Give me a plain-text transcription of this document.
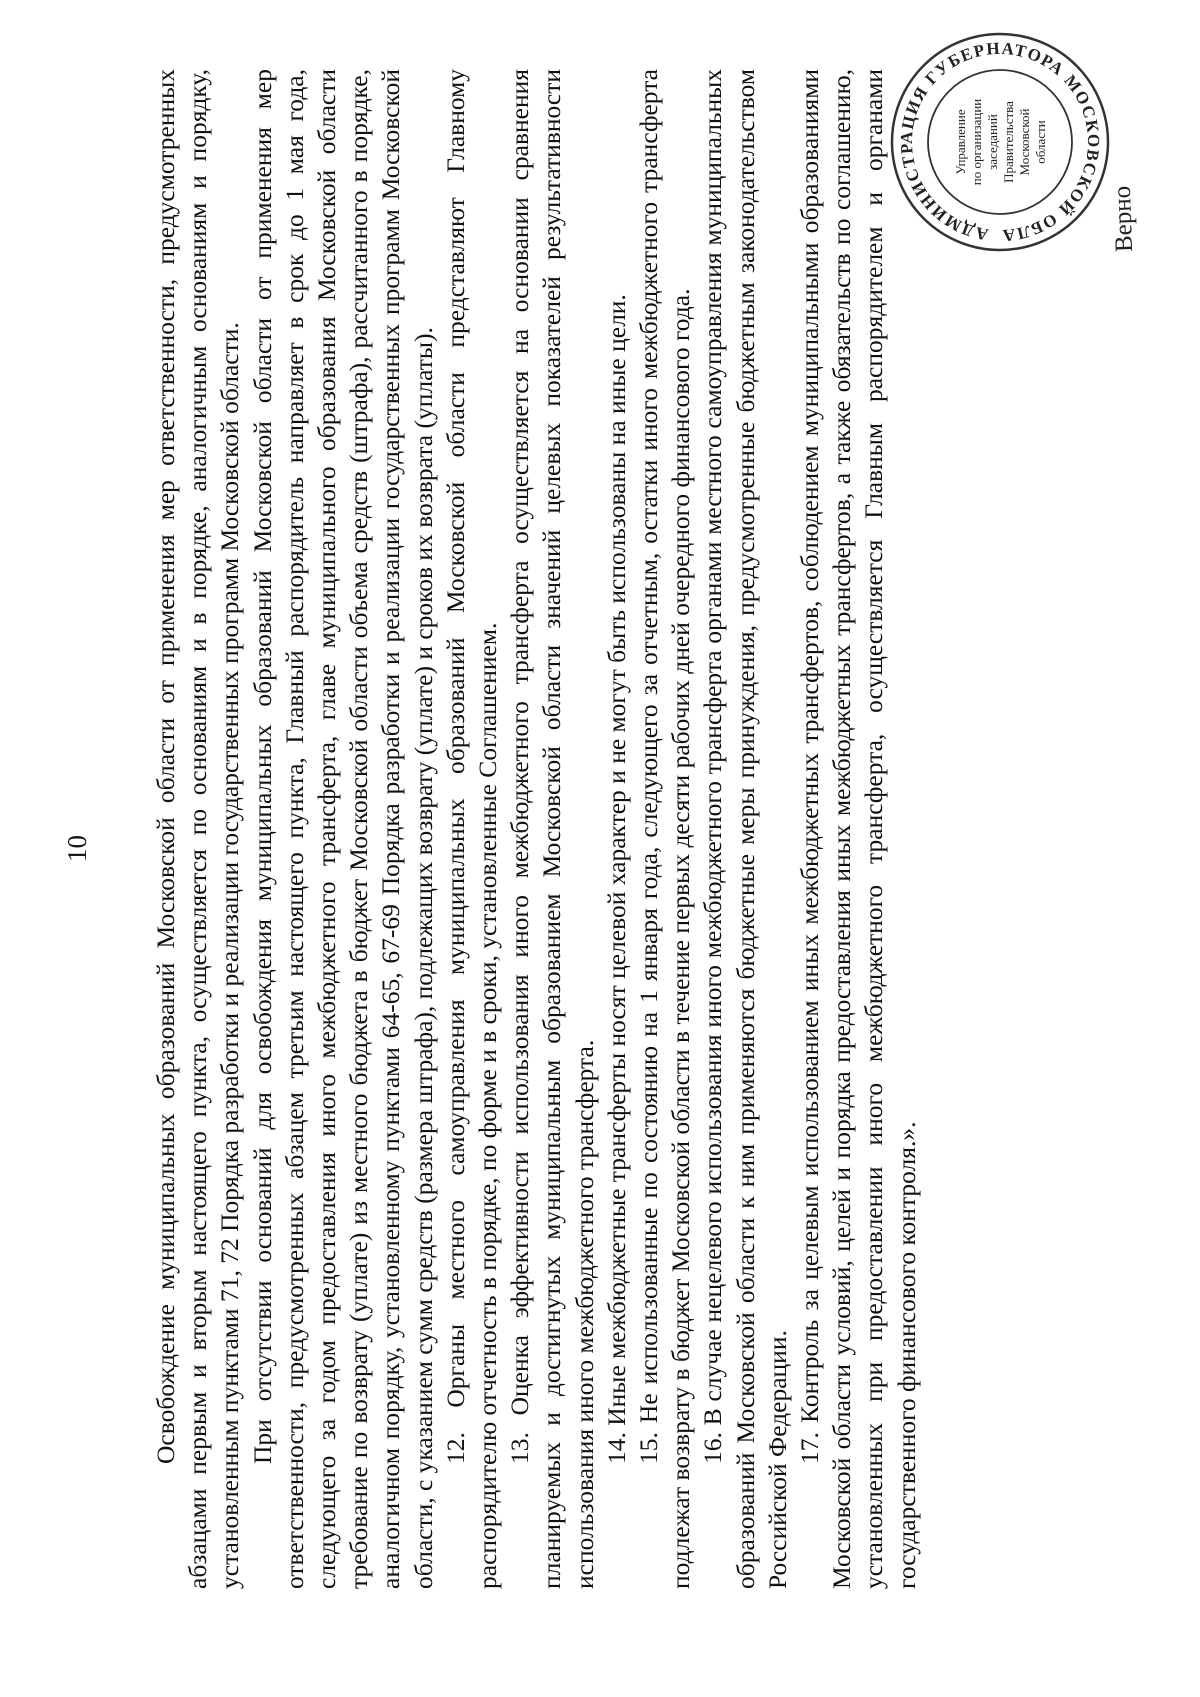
10 Освобождение муниципальных образований Московской области от применения мер ответственности, предусмотренных абзацами первым и вторым настоящего пункта, осуществляется по основаниям и в порядке, аналогичным основаниям и порядку, установленным пунктами 71, 72 Порядка разработки и реализации государственных программ Московской области. При отсутствии оснований для освобождения муниципальных образований Московской области от применения мер ответственности, предусмотренных абзацем третьим настоящего пункта, Главный распорядитель направляет в срок до 1 мая года, следующего за годом предоставления иного межбюджетного трансферта, главе муниципального образования Московской области требование по возврату (уплате) из местного бюджета в бюджет Московской области объема средств (штрафа), рассчитанного в порядке, аналогичном порядку, установленному пунктами 64-65, 67-69 Порядка разработки и реализации государственных программ Московской области, с указанием сумм средств (размера штрафа), подлежащих возврату (уплате) и сроков их возврата (уплаты). 12. Органы местного самоуправления муниципальных образований Московской области представляют Главному распорядителю отчетность в порядке, по форме и в сроки, установленные Соглашением. 13. Оценка эффективности использования иного межбюджетного трансферта осуществляется на основании сравнения планируемых и достигнутых муниципальным образованием Московской области значений целевых показателей результативности использования иного межбюджетного трансферта. 14. Иные межбюджетные трансферты носят целевой характер и не могут быть использованы на иные цели. 15. Не использованные по состоянию на 1 января года, следующего за отчетным, остатки иного межбюджетного трансферта подлежат возврату в бюджет Московской области в течение первых десяти рабочих дней очередного финансового года. 16. В случае нецелевого использования иного межбюджетного трансферта органами местного самоуправления муниципальных образований Московской области к ним применяются бюджетные меры принуждения, предусмотренные бюджетным законодательством Российской Федерации. 17. Контроль за целевым использованием иных межбюджетных трансфертов, соблюдением муниципальными образованиями Московской области условий, целей и порядка предоставления иных межбюджетных трансфертов, а также обязательств по соглашению, установленных при предоставлении иного межбюджетного трансферта, осуществляется Главным распорядителем и органами государственного финансового контроля.».

АДМИНИСТРАЦИЯ ГУБЕРНАТОРА МОСКОВСКОЙ ОБЛА
Управление по организации заседаний Правительства Московской области
Верно
